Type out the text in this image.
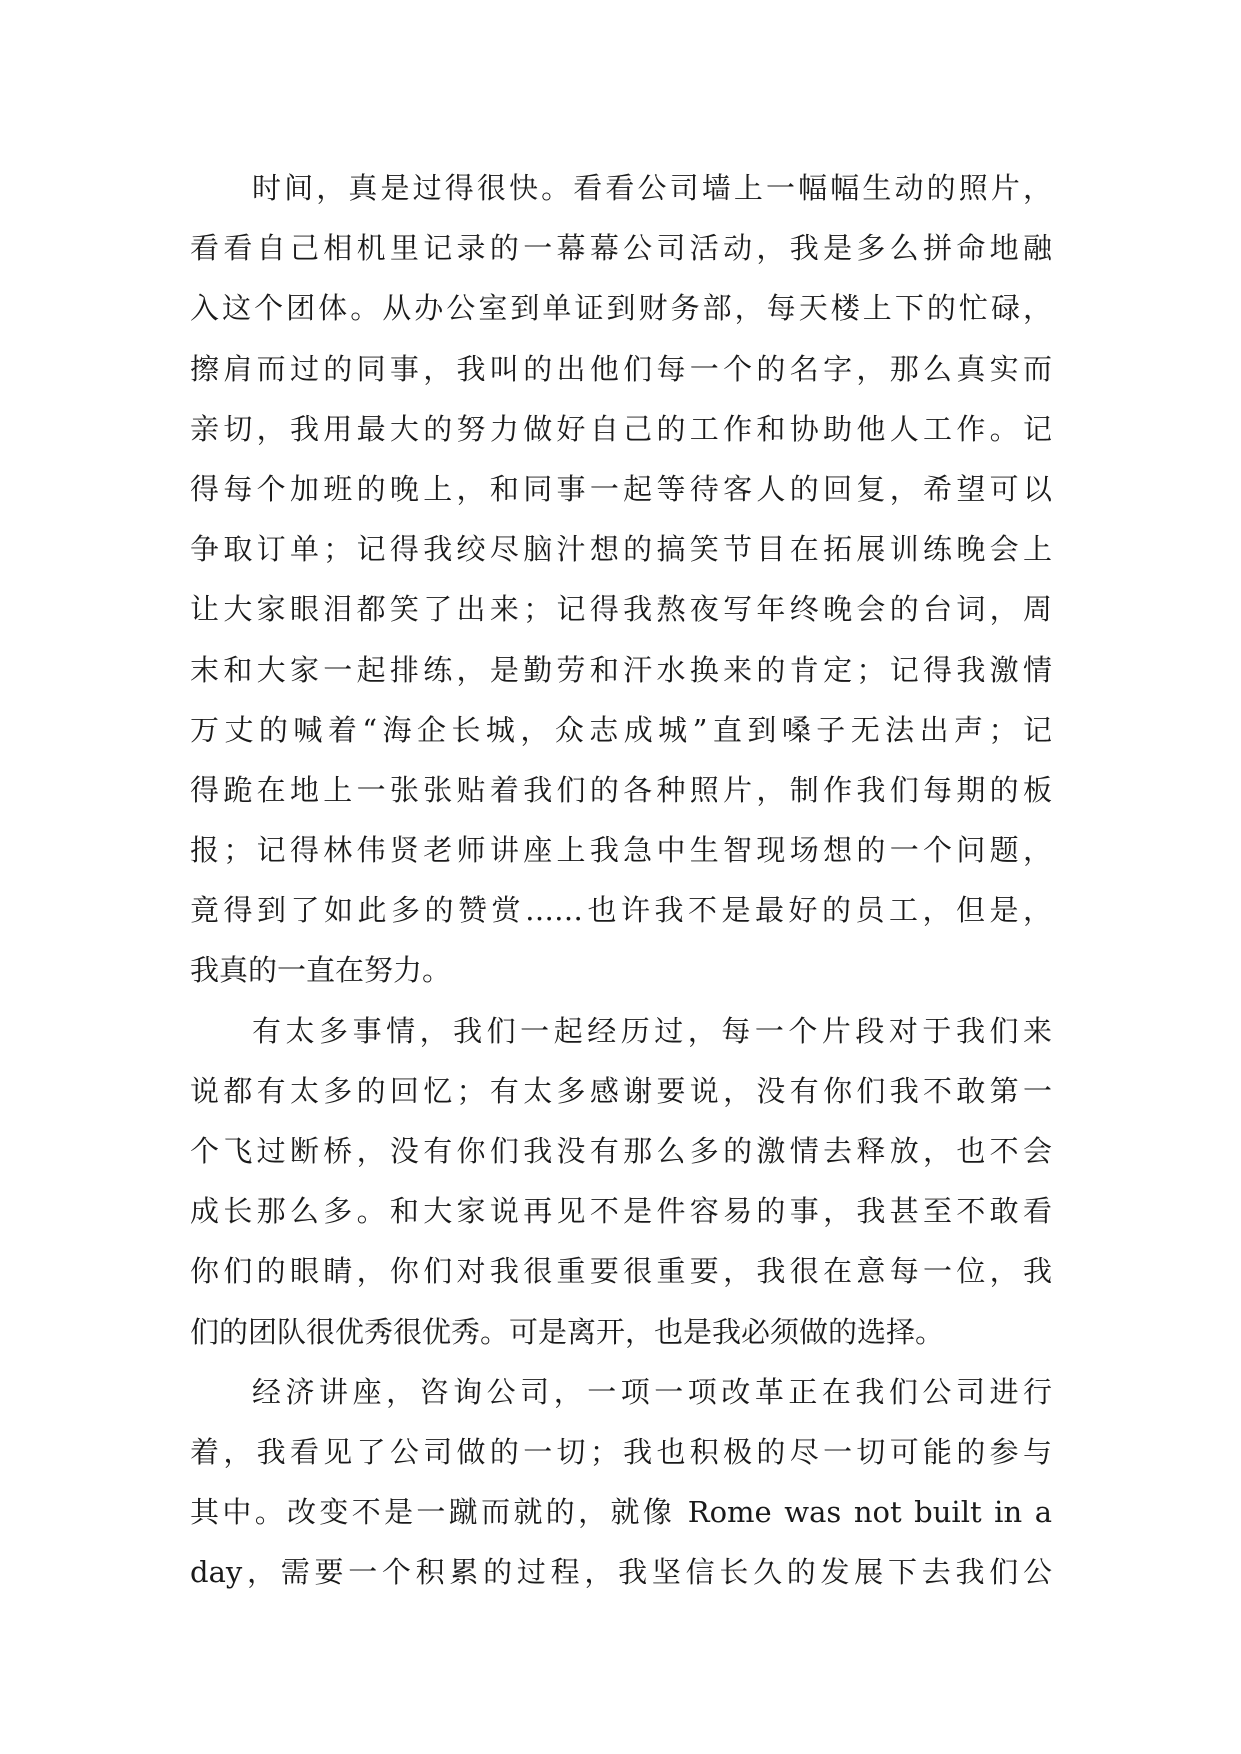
时间，真是过得很快。看看公司墙上一幅幅生动的照片，
看看自己相机里记录的一幕幕公司活动，我是多么拼命地融
入这个团体。从办公室到单证到财务部，每天楼上下的忙碌，
擦肩而过的同事，我叫的出他们每一个的名字，那么真实而
亲切，我用最大的努力做好自己的工作和协助他人工作。记
得每个加班的晚上，和同事一起等待客人的回复，希望可以
争取订单；记得我绞尽脑汁想的搞笑节目在拓展训练晚会上
让大家眼泪都笑了出来；记得我熬夜写年终晚会的台词，周
末和大家一起排练，是勤劳和汗水换来的肯定；记得我激情
万丈的喊着“海企长城，众志成城”直到嗓子无法出声；记
得跪在地上一张张贴着我们的各种照片，制作我们每期的板
报；记得林伟贤老师讲座上我急中生智现场想的一个问题，
竟得到了如此多的赞赏……也许我不是最好的员工，但是，
我真的一直在努力。
有太多事情，我们一起经历过，每一个片段对于我们来
说都有太多的回忆；有太多感谢要说，没有你们我不敢第一
个飞过断桥，没有你们我没有那么多的激情去释放，也不会
成长那么多。和大家说再见不是件容易的事，我甚至不敢看
你们的眼睛，你们对我很重要很重要，我很在意每一位，我
们的团队很优秀很优秀。可是离开，也是我必须做的选择。
经济讲座，咨询公司，一项一项改革正在我们公司进行
着，我看见了公司做的一切；我也积极的尽一切可能的参与
其中。改变不是一蹴而就的，就像 Rome was not built in a
day，需要一个积累的过程，我坚信长久的发展下去我们公
